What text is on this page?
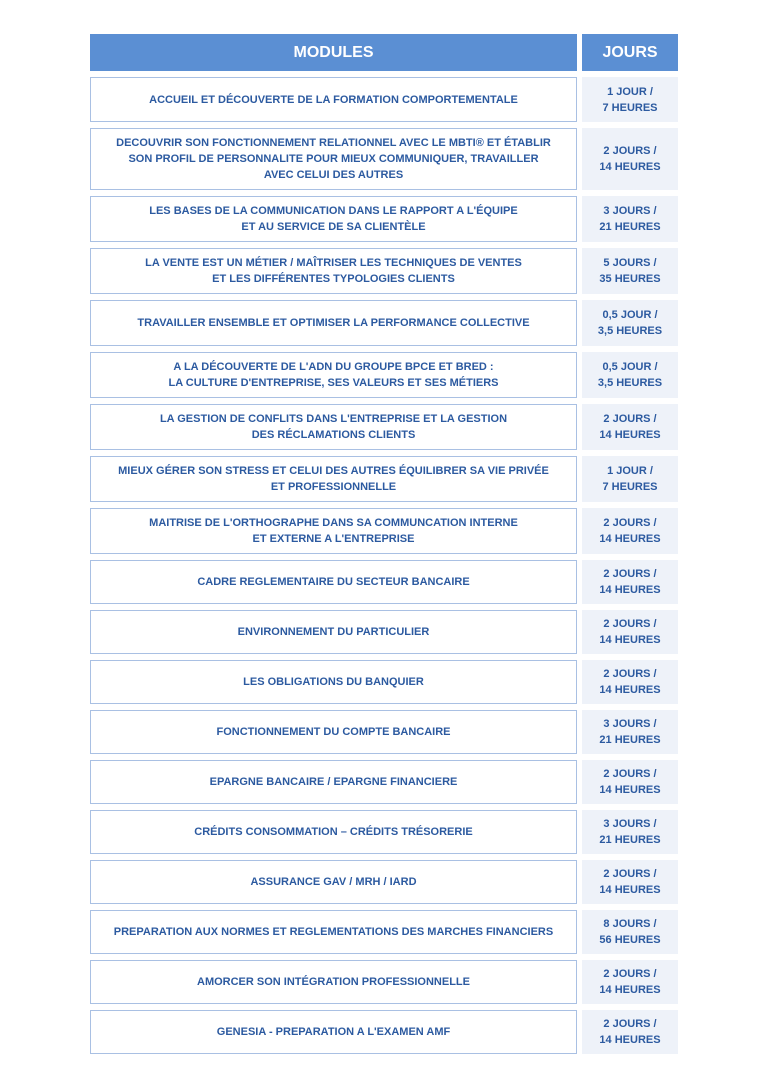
MODULES	JOURS
ACCUEIL ET DÉCOUVERTE DE LA FORMATION COMPORTEMENTALE
1 JOUR /
7 HEURES
DECOUVRIR SON FONCTIONNEMENT RELATIONNEL AVEC LE MBTI® ET ÉTABLIR
SON PROFIL DE PERSONNALITE POUR MIEUX COMMUNIQUER, TRAVAILLER
AVEC CELUI DES AUTRES
2 JOURS /
14 HEURES
LES BASES DE LA COMMUNICATION DANS LE RAPPORT A L'ÉQUIPE
ET AU SERVICE DE SA CLIENTÈLE
3 JOURS /
21 HEURES
LA VENTE EST UN MÉTIER / MAÎTRISER LES TECHNIQUES DE VENTES
ET LES DIFFÉRENTES TYPOLOGIES CLIENTS
5 JOURS /
35 HEURES
TRAVAILLER ENSEMBLE ET OPTIMISER LA PERFORMANCE COLLECTIVE
0,5 JOUR /
3,5 HEURES
A LA DÉCOUVERTE DE L'ADN DU GROUPE BPCE ET BRED :
LA CULTURE D'ENTREPRISE, SES VALEURS ET SES MÉTIERS
0,5 JOUR /
3,5 HEURES
LA GESTION DE CONFLITS DANS L'ENTREPRISE ET LA GESTION
DES RÉCLAMATIONS CLIENTS
2 JOURS /
14 HEURES
MIEUX GÉRER SON STRESS ET CELUI DES AUTRES ÉQUILIBRER SA VIE PRIVÉE
ET PROFESSIONNELLE
1 JOUR /
7 HEURES
MAITRISE DE L'ORTHOGRAPHE DANS SA COMMUNCATION INTERNE
ET EXTERNE A L'ENTREPRISE
2 JOURS /
14 HEURES
CADRE REGLEMENTAIRE DU SECTEUR BANCAIRE
2 JOURS /
14 HEURES
ENVIRONNEMENT DU PARTICULIER
2 JOURS /
14 HEURES
LES OBLIGATIONS DU BANQUIER
2 JOURS /
14 HEURES
FONCTIONNEMENT DU COMPTE BANCAIRE
3 JOURS /
21 HEURES
EPARGNE BANCAIRE / EPARGNE FINANCIERE
2 JOURS /
14 HEURES
CRÉDITS CONSOMMATION – CRÉDITS TRÉSORERIE
3 JOURS /
21 HEURES
ASSURANCE GAV / MRH / IARD
2 JOURS /
14 HEURES
PREPARATION AUX NORMES ET REGLEMENTATIONS DES MARCHES FINANCIERS
8 JOURS /
56 HEURES
AMORCER SON INTÉGRATION PROFESSIONNELLE
2 JOURS /
14 HEURES
GENESIA - PREPARATION A L'EXAMEN AMF
2 JOURS /
14 HEURES
